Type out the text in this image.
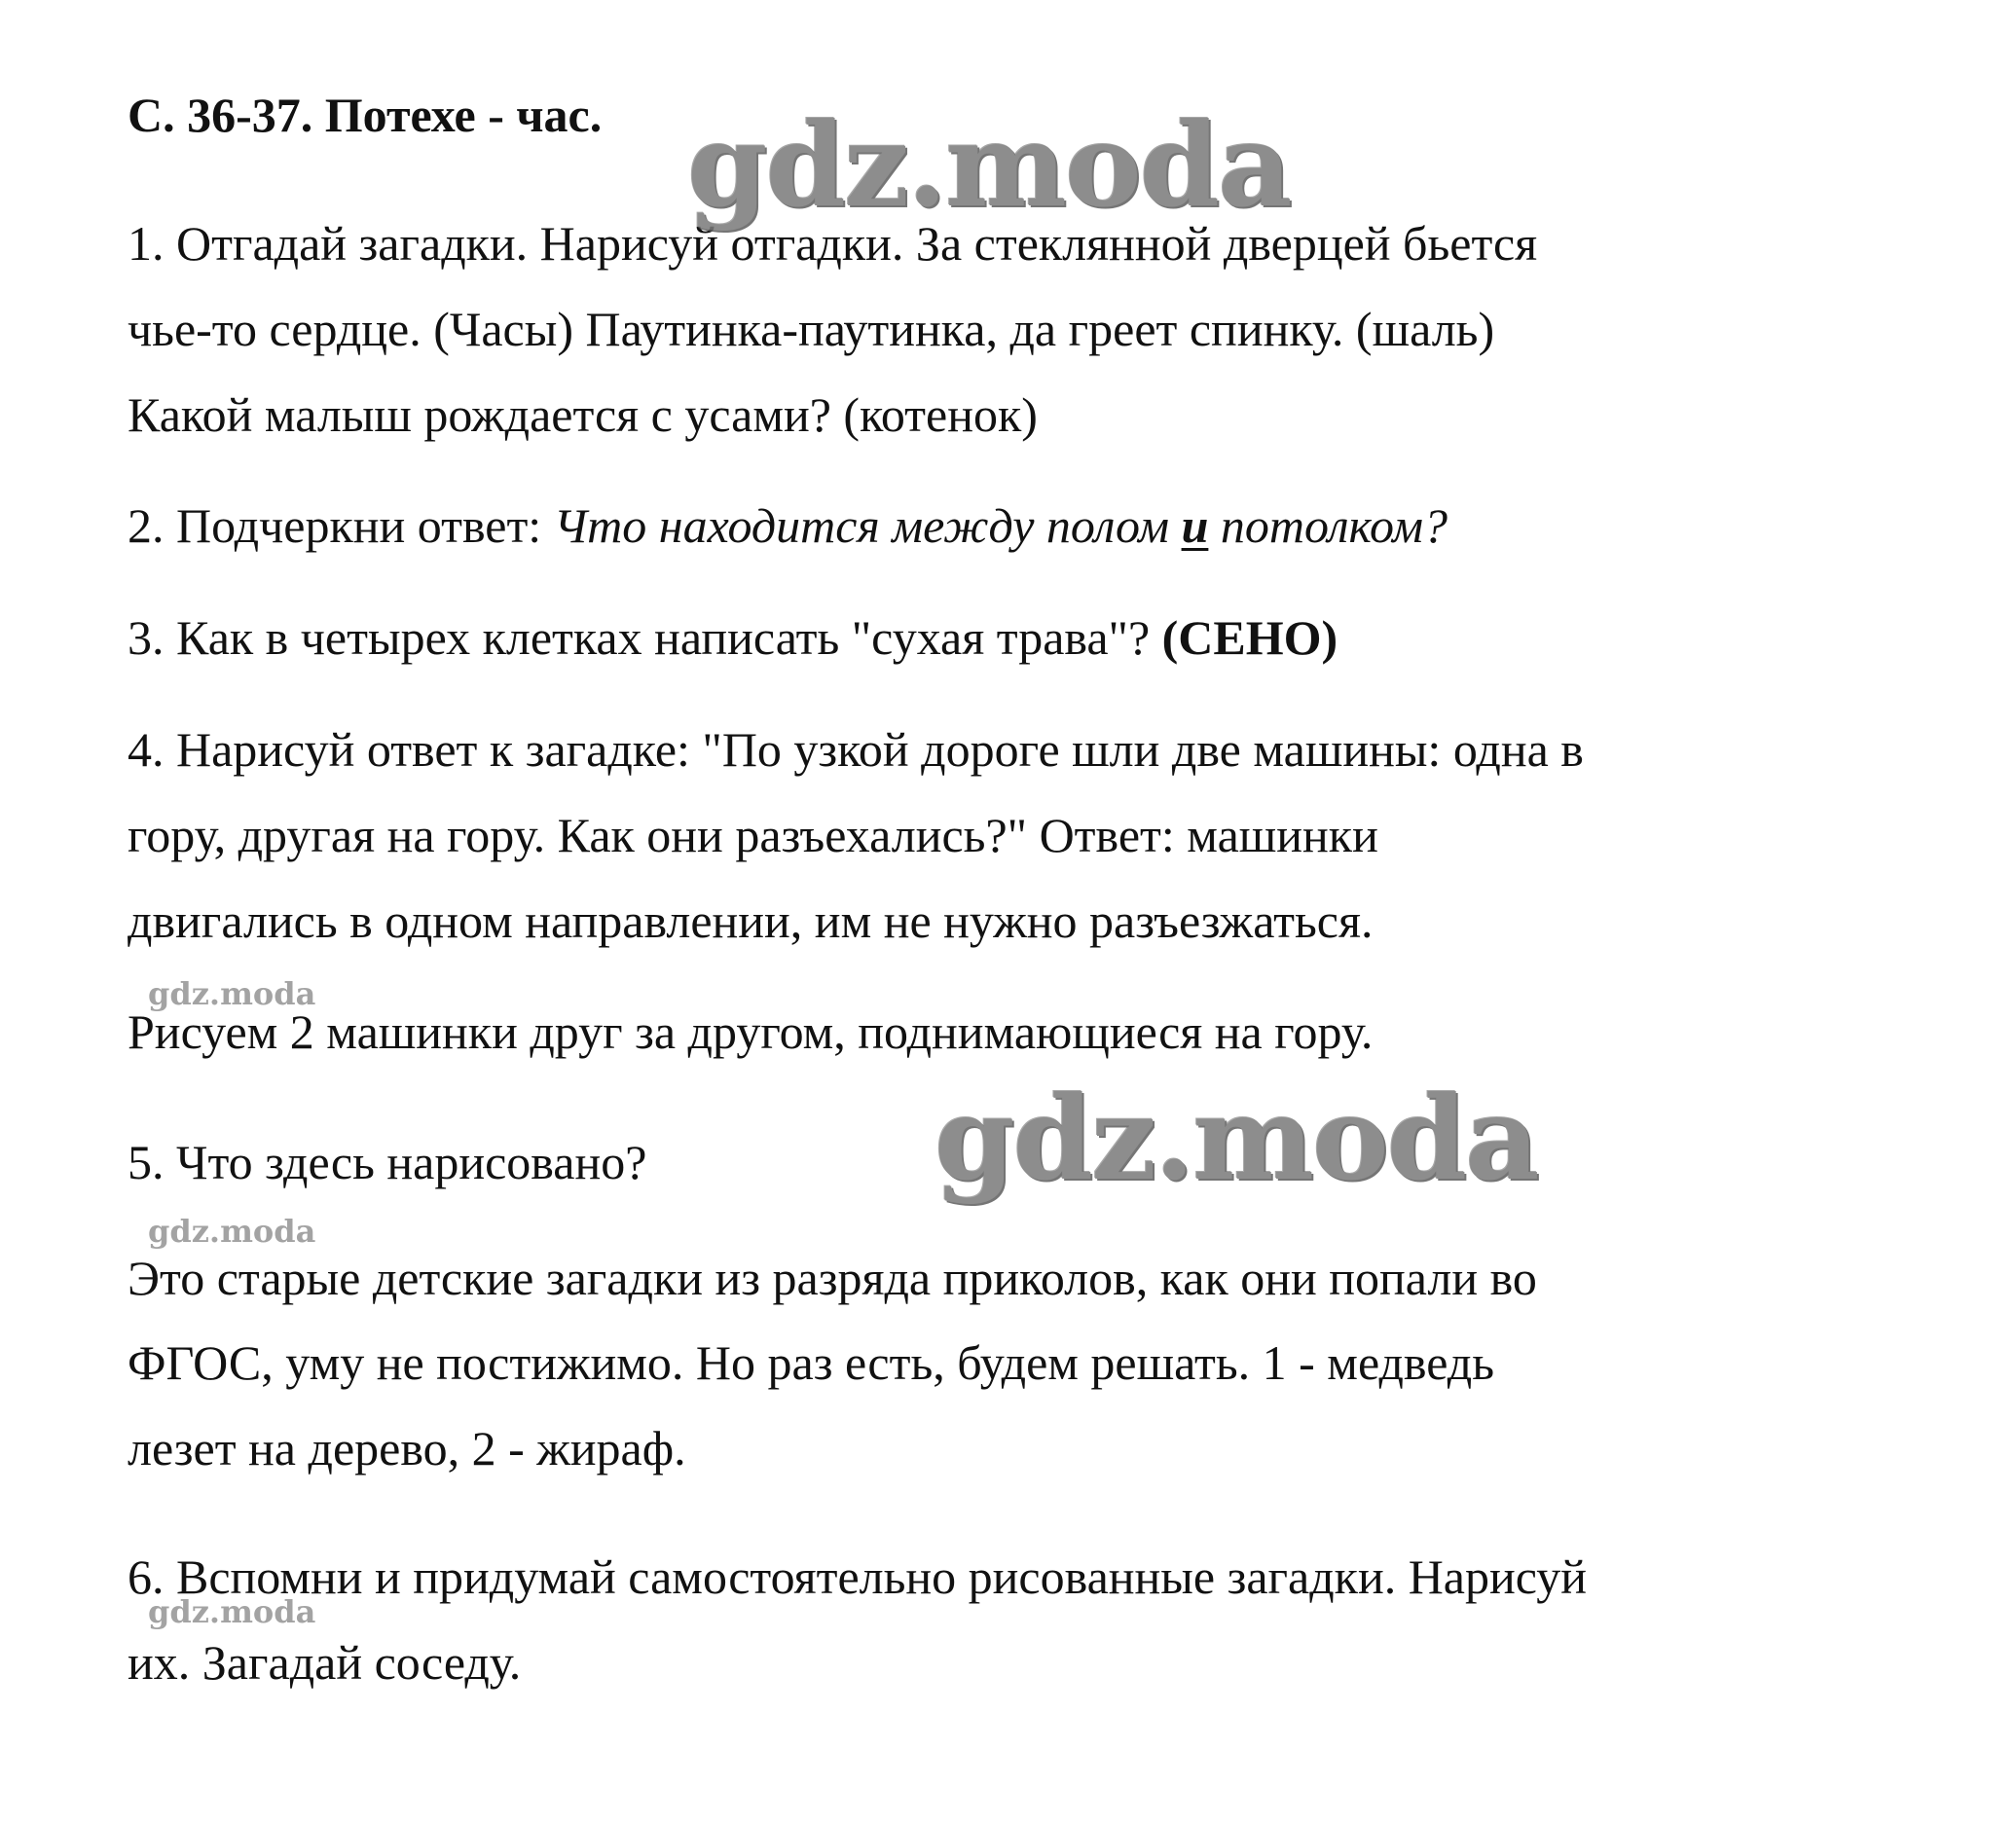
С. 36-37. Потехе - час.
1. Отгадай загадки. Нарисуй отгадки. За стеклянной дверцей бьется
чье-то сердце. (Часы) Паутинка-паутинка, да греет спинку. (шаль)
Какой малыш рождается с усами? (котенок)
2. Подчеркни ответ: Что находится между полом и потолком?
3. Как в четырех клетках написать "сухая трава"? (СЕНО)
4. Нарисуй ответ к загадке: "По узкой дороге шли две машины: одна в
гору, другая на гору. Как они разъехались?" Ответ: машинки
двигались в одном направлении, им не нужно разъезжаться.
Рисуем 2 машинки друг за другом, поднимающиеся на гору.
5. Что здесь нарисовано?
Это старые детские загадки из разряда приколов, как они попали во
ФГОС, уму не постижимо. Но раз есть, будем решать. 1 - медведь
лезет на дерево, 2 - жираф.
6. Вспомни и придумай самостоятельно рисованные загадки. Нарисуй
их. Загадай соседу.
gdz.moda
gdz.moda
gdz.moda
gdz.moda
gdz.moda
